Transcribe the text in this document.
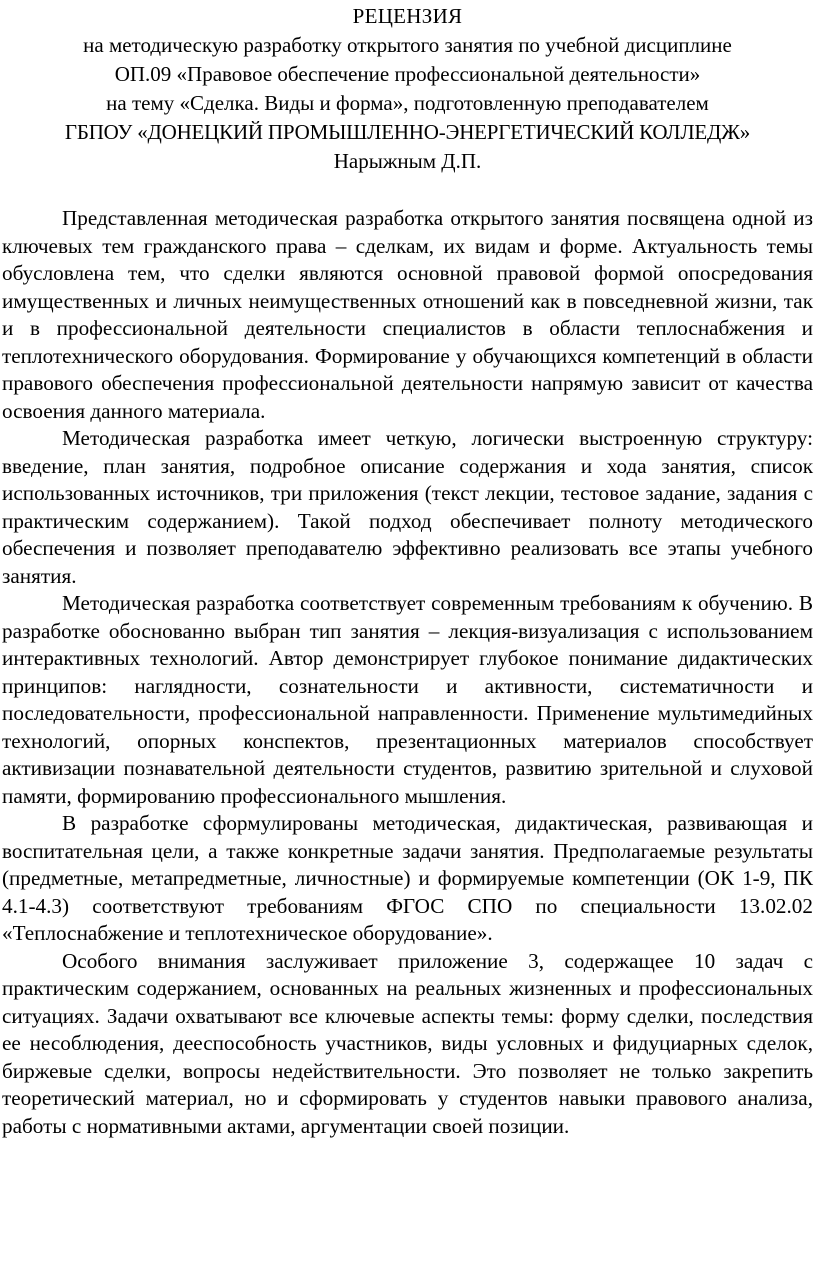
РЕЦЕНЗИЯ
на методическую разработку открытого занятия по учебной дисциплине
ОП.09 «Правовое обеспечение профессиональной деятельности»
на тему «Сделка. Виды и форма», подготовленную преподавателем
ГБПОУ «ДОНЕЦКИЙ ПРОМЫШЛЕННО-ЭНЕРГЕТИЧЕСКИЙ КОЛЛЕДЖ»
Нарыжным Д.П.

Представленная методическая разработка открытого занятия посвящена одной из ключевых тем гражданского права – сделкам, их видам и форме. Актуальность темы обусловлена тем, что сделки являются основной правовой формой опосредования имущественных и личных неимущественных отношений как в повседневной жизни, так и в профессиональной деятельности специалистов в области теплоснабжения и теплотехнического оборудования. Формирование у обучающихся компетенций в области правового обеспечения профессиональной деятельности напрямую зависит от качества освоения данного материала.

Методическая разработка имеет четкую, логически выстроенную структуру: введение, план занятия, подробное описание содержания и хода занятия, список использованных источников, три приложения (текст лекции, тестовое задание, задания с практическим содержанием). Такой подход обеспечивает полноту методического обеспечения и позволяет преподавателю эффективно реализовать все этапы учебного занятия.

Методическая разработка соответствует современным требованиям к обучению. В разработке обоснованно выбран тип занятия – лекция-визуализация с использованием интерактивных технологий. Автор демонстрирует глубокое понимание дидактических принципов: наглядности, сознательности и активности, систематичности и последовательности, профессиональной направленности. Применение мультимедийных технологий, опорных конспектов, презентационных материалов способствует активизации познавательной деятельности студентов, развитию зрительной и слуховой памяти, формированию профессионального мышления.

В разработке сформулированы методическая, дидактическая, развивающая и воспитательная цели, а также конкретные задачи занятия. Предполагаемые результаты (предметные, метапредметные, личностные) и формируемые компетенции (ОК 1-9, ПК 4.1-4.3) соответствуют требованиям ФГОС СПО по специальности 13.02.02 «Теплоснабжение и теплотехническое оборудование».

Особого внимания заслуживает приложение 3, содержащее 10 задач с практическим содержанием, основанных на реальных жизненных и профессиональных ситуациях. Задачи охватывают все ключевые аспекты темы: форму сделки, последствия ее несоблюдения, дееспособность участников, виды условных и фидуциарных сделок, биржевые сделки, вопросы недействительности. Это позволяет не только закрепить теоретический материал, но и сформировать у студентов навыки правового анализа, работы с нормативными актами, аргументации своей позиции.
